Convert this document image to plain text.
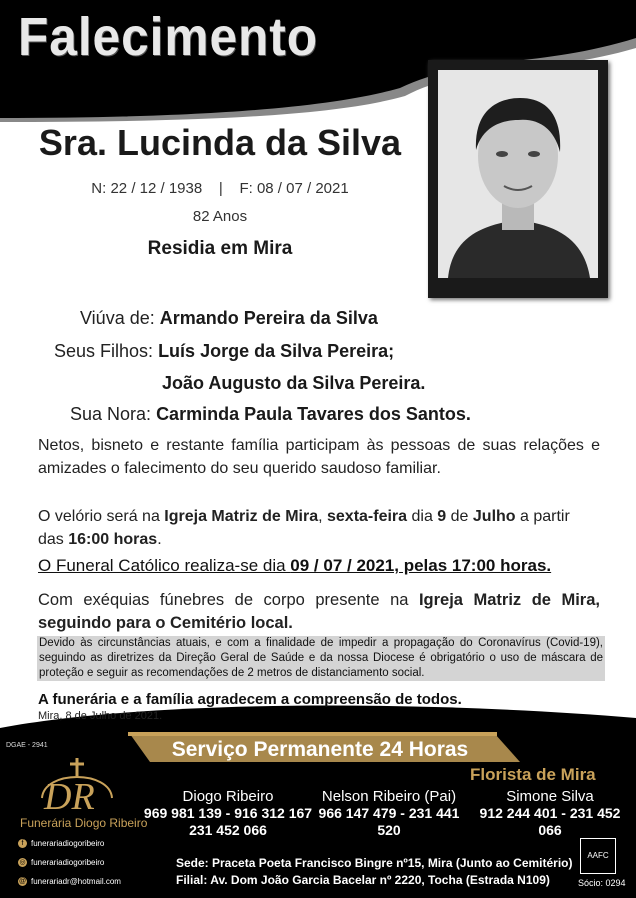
Falecimento
Sra. Lucinda da Silva
N: 22 / 12 / 1938    |    F: 08 / 07 / 2021
82 Anos
Residia em Mira
Viúva de: Armando Pereira da Silva
Seus Filhos: Luís Jorge da Silva Pereira;
João Augusto da Silva Pereira.
Sua Nora: Carminda Paula Tavares dos Santos.
Netos, bisneto e restante família participam às pessoas de suas relações e amizades o falecimento do seu querido saudoso familiar.
O velório será na Igreja Matriz de Mira, sexta-feira dia 9 de Julho a partir das 16:00 horas.
O Funeral Católico realiza-se dia 09 / 07 / 2021, pelas 17:00 horas.
Com exéquias fúnebres de corpo presente na Igreja Matriz de Mira, seguindo para o Cemitério local.
Devido às circunstâncias atuais, e com a finalidade de impedir a propagação do Coronavírus (Covid-19), seguindo as diretrizes da Direção Geral de Saúde e da nossa Diocese é obrigatório o uso de máscara de proteção e seguir as recomendações de 2 metros de distanciamento social.
A funerária e a família agradecem a compreensão de todos.
Mira, 8 de Julho de 2021.
DGAE - 2941	Serviço Permanente 24 Horas
DR
Funerária Diogo Ribeiro
Florista de Mira
Diogo Ribeiro
969 981 139 - 916 312 167
231 452 066
Nelson Ribeiro (Pai)
966 147 479 - 231 441 520
Simone Silva
912 244 401 - 231 452 066
Sede: Praceta Poeta Francisco Bingre nº15, Mira (Junto ao Cemitério)
Filial: Av. Dom João Garcia Bacelar nº 2220, Tocha (Estrada N109)
f funerariadiogoribeiro
◎ funerariadiogoribeiro
@ funerariadr@hotmail.com
AAFC
Sócio: 0294
